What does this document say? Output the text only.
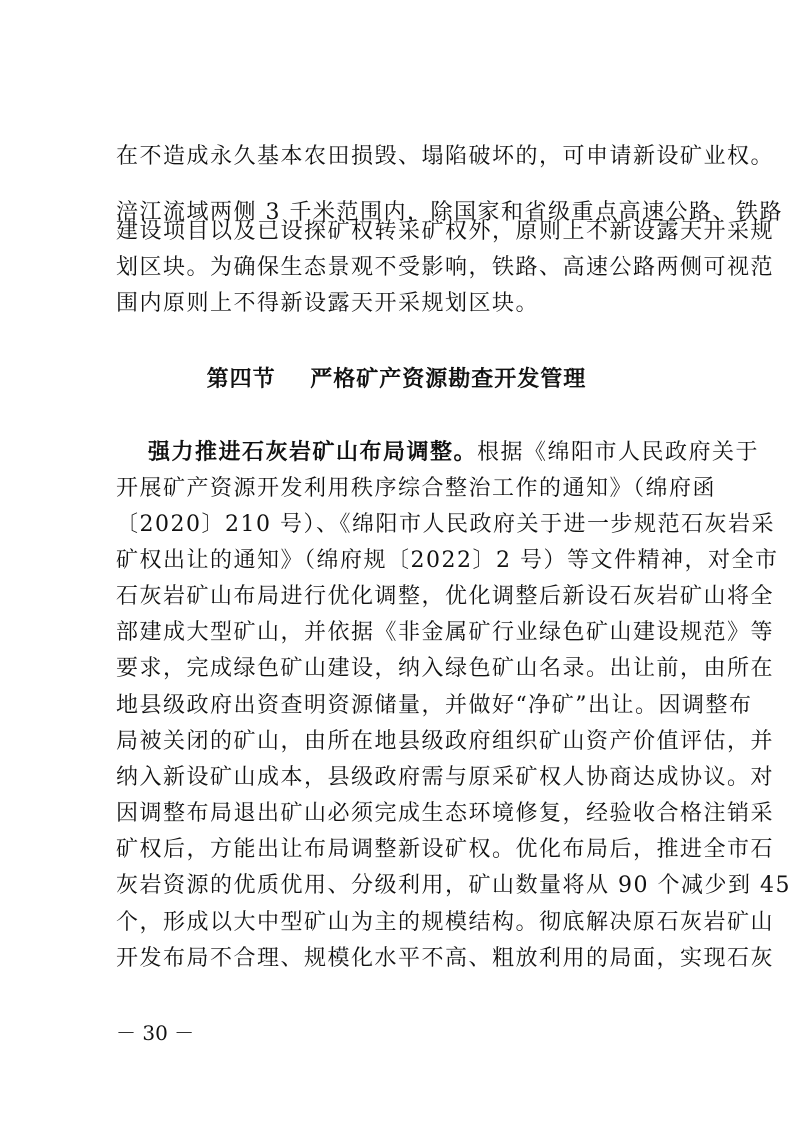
在不造成永久基本农田损毁、塌陷破坏的，可申请新设矿业权。
涪江流域两侧 3 千米范围内，除国家和省级重点高速公路、铁路
建设项目以及已设探矿权转采矿权外，原则上不新设露天开采规
划区块。为确保生态景观不受影响，铁路、高速公路两侧可视范
围内原则上不得新设露天开采规划区块。
第四节    严格矿产资源勘查开发管理
强力推进石灰岩矿山布局调整。根据《绵阳市人民政府关于
开展矿产资源开发利用秩序综合整治工作的通知》（绵府函
〔2020〕210 号）、《绵阳市人民政府关于进一步规范石灰岩采
矿权出让的通知》（绵府规〔2022〕2 号）等文件精神，对全市
石灰岩矿山布局进行优化调整，优化调整后新设石灰岩矿山将全
部建成大型矿山，并依据《非金属矿行业绿色矿山建设规范》等
要求，完成绿色矿山建设，纳入绿色矿山名录。出让前，由所在
地县级政府出资查明资源储量，并做好“净矿”出让。因调整布
局被关闭的矿山，由所在地县级政府组织矿山资产价值评估，并
纳入新设矿山成本，县级政府需与原采矿权人协商达成协议。对
因调整布局退出矿山必须完成生态环境修复，经验收合格注销采
矿权后，方能出让布局调整新设矿权。优化布局后，推进全市石
灰岩资源的优质优用、分级利用，矿山数量将从 90 个减少到 45
个，形成以大中型矿山为主的规模结构。彻底解决原石灰岩矿山
开发布局不合理、规模化水平不高、粗放利用的局面，实现石灰
－ 30 －
